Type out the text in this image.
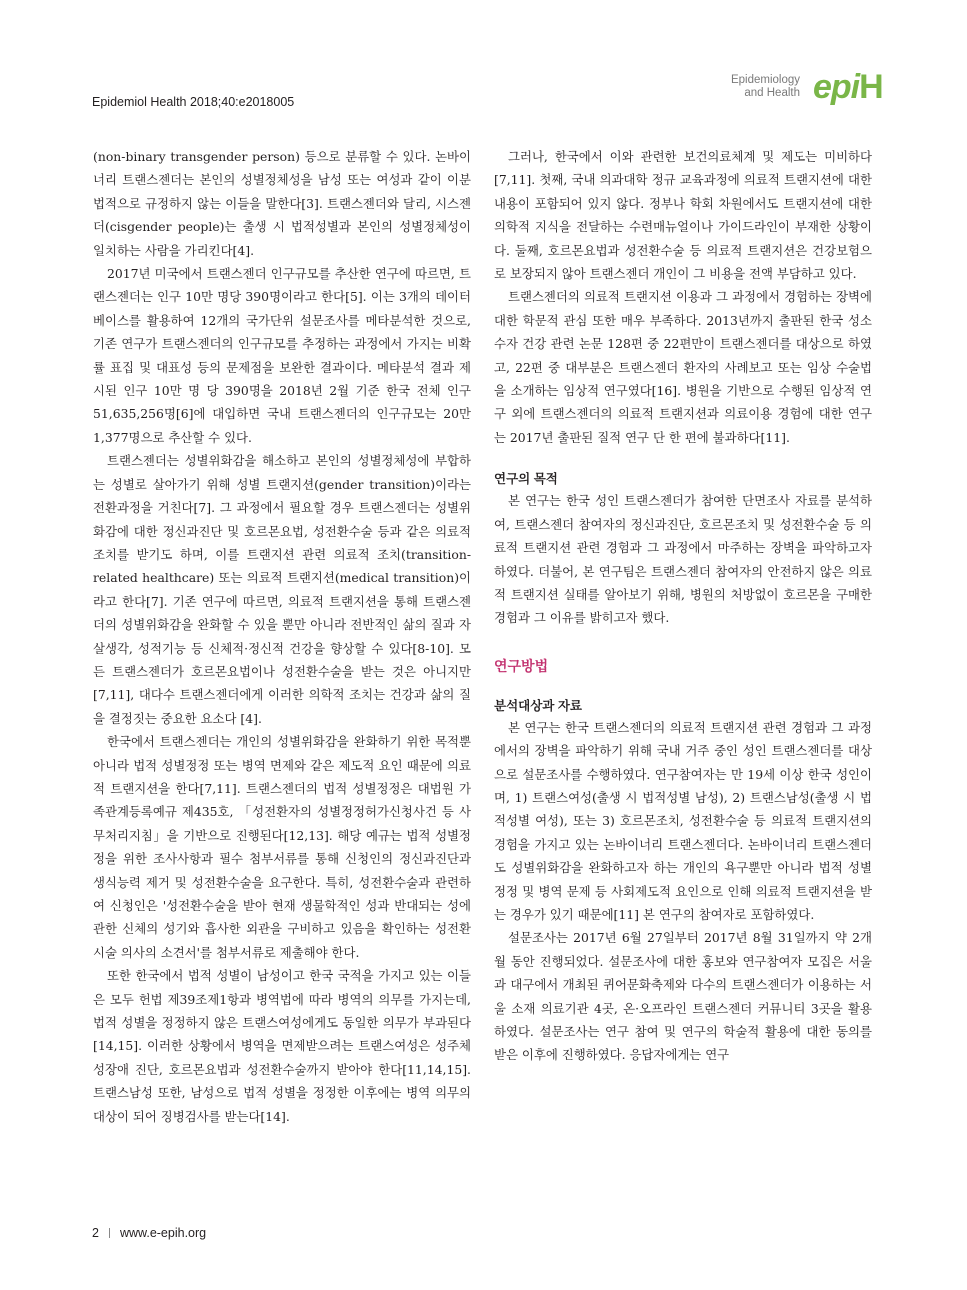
Epidemiol Health 2018;40:e2018005
Epidemiology
and Health epiH

(non-binary transgender person) 등으로 분류할 수 있다. 논바이너리 트랜스젠더는 본인의 성별정체성을 남성 또는 여성과 같이 이분법적으로 규정하지 않는 이들을 말한다[3]. 트랜스젠더와 달리, 시스젠더(cisgender people)는 출생 시 법적성별과 본인의 성별정체성이 일치하는 사람을 가리킨다[4].

2017년 미국에서 트랜스젠더 인구규모를 추산한 연구에 따르면, 트랜스젠더는 인구 10만 명당 390명이라고 한다[5]. 이는 3개의 데이터베이스를 활용하여 12개의 국가단위 설문조사를 메타분석한 것으로, 기존 연구가 트랜스젠더의 인구규모를 추정하는 과정에서 가지는 비확률 표집 및 대표성 등의 문제점을 보완한 결과이다. 메타분석 결과 제시된 인구 10만 명 당 390명을 2018년 2월 기준 한국 전체 인구 51,635,256명[6]에 대입하면 국내 트랜스젠더의 인구규모는 20만 1,377명으로 추산할 수 있다.

트랜스젠더는 성별위화감을 해소하고 본인의 성별정체성에 부합하는 성별로 살아가기 위해 성별 트랜지션(gender transition)이라는 전환과정을 거친다[7]. 그 과정에서 필요할 경우 트랜스젠더는 성별위화감에 대한 정신과진단 및 호르몬요법, 성전환수술 등과 같은 의료적 조치를 받기도 하며, 이를 트랜지션 관련 의료적 조치(transition-related healthcare) 또는 의료적 트랜지션(medical transition)이라고 한다[7]. 기존 연구에 따르면, 의료적 트랜지션을 통해 트랜스젠더의 성별위화감을 완화할 수 있을 뿐만 아니라 전반적인 삶의 질과 자살생각, 성적기능 등 신체적·정신적 건강을 향상할 수 있다[8-10]. 모든 트랜스젠더가 호르몬요법이나 성전환수술을 받는 것은 아니지만[7,11], 대다수 트랜스젠더에게 이러한 의학적 조치는 건강과 삶의 질을 결정짓는 중요한 요소다 [4].

한국에서 트랜스젠더는 개인의 성별위화감을 완화하기 위한 목적뿐 아니라 법적 성별정정 또는 병역 면제와 같은 제도적 요인 때문에 의료적 트랜지션을 한다[7,11]. 트랜스젠더의 법적 성별정정은 대법원 가족관계등록예규 제435호, 「성전환자의 성별정정허가신청사건 등 사무처리지침」을 기반으로 진행된다[12,13]. 해당 예규는 법적 성별정정을 위한 조사사항과 필수 첨부서류를 통해 신청인의 정신과진단과 생식능력 제거 및 성전환수술을 요구한다. 특히, 성전환수술과 관련하여 신청인은 '성전환수술을 받아 현재 생물학적인 성과 반대되는 성에 관한 신체의 성기와 흡사한 외관을 구비하고 있음을 확인하는 성전환시술 의사의 소견서'를 첨부서류로 제출해야 한다.

또한 한국에서 법적 성별이 남성이고 한국 국적을 가지고 있는 이들은 모두 헌법 제39조제1항과 병역법에 따라 병역의 의무를 가지는데, 법적 성별을 정정하지 않은 트랜스여성에게도 동일한 의무가 부과된다[14,15]. 이러한 상황에서 병역을 면제받으려는 트랜스여성은 성주체성장애 진단, 호르몬요법과 성전환수술까지 받아야 한다[11,14,15]. 트랜스남성 또한, 남성으로 법적 성별을 정정한 이후에는 병역 의무의 대상이 되어 징병검사를 받는다[14].

그러나, 한국에서 이와 관련한 보건의료체계 및 제도는 미비하다[7,11]. 첫째, 국내 의과대학 정규 교육과정에 의료적 트랜지션에 대한 내용이 포함되어 있지 않다. 정부나 학회 차원에서도 트랜지션에 대한 의학적 지식을 전달하는 수련매뉴얼이나 가이드라인이 부재한 상황이다. 둘째, 호르몬요법과 성전환수술 등 의료적 트랜지션은 건강보험으로 보장되지 않아 트랜스젠더 개인이 그 비용을 전액 부담하고 있다.

트랜스젠더의 의료적 트랜지션 이용과 그 과정에서 경험하는 장벽에 대한 학문적 관심 또한 매우 부족하다. 2013년까지 출판된 한국 성소수자 건강 관련 논문 128편 중 22편만이 트랜스젠더를 대상으로 하였고, 22편 중 대부분은 트랜스젠더 환자의 사례보고 또는 임상 수술법을 소개하는 임상적 연구였다[16]. 병원을 기반으로 수행된 임상적 연구 외에 트랜스젠더의 의료적 트랜지션과 의료이용 경험에 대한 연구는 2017년 출판된 질적 연구 단 한 편에 불과하다[11].

연구의 목적

본 연구는 한국 성인 트랜스젠더가 참여한 단면조사 자료를 분석하여, 트랜스젠더 참여자의 정신과진단, 호르몬조치 및 성전환수술 등 의료적 트랜지션 관련 경험과 그 과정에서 마주하는 장벽을 파악하고자 하였다. 더불어, 본 연구팀은 트랜스젠더 참여자의 안전하지 않은 의료적 트랜지션 실태를 알아보기 위해, 병원의 처방없이 호르몬을 구매한 경험과 그 이유를 밝히고자 했다.

연구방법
분석대상과 자료

본 연구는 한국 트랜스젠더의 의료적 트랜지션 관련 경험과 그 과정에서의 장벽을 파악하기 위해 국내 거주 중인 성인 트랜스젠더를 대상으로 설문조사를 수행하였다. 연구참여자는 만 19세 이상 한국 성인이며, 1) 트랜스여성(출생 시 법적성별 남성), 2) 트랜스남성(출생 시 법적성별 여성), 또는 3) 호르몬조치, 성전환수술 등 의료적 트랜지션의 경험을 가지고 있는 논바이너리 트랜스젠더다. 논바이너리 트랜스젠더도 성별위화감을 완화하고자 하는 개인의 욕구뿐만 아니라 법적 성별정정 및 병역 문제 등 사회제도적 요인으로 인해 의료적 트랜지션을 받는 경우가 있기 때문에[11] 본 연구의 참여자로 포함하였다.

설문조사는 2017년 6월 27일부터 2017년 8월 31일까지 약 2개월 동안 진행되었다. 설문조사에 대한 홍보와 연구참여자 모집은 서울과 대구에서 개최된 퀴어문화축제와 다수의 트랜스젠더가 이용하는 서울 소재 의료기관 4곳, 온·오프라인 트랜스젠더 커뮤니티 3곳을 활용하였다. 설문조사는 연구 참여 및 연구의 학술적 활용에 대한 동의를 받은 이후에 진행하였다. 응답자에게는 연구

2 www.e-epih.org
